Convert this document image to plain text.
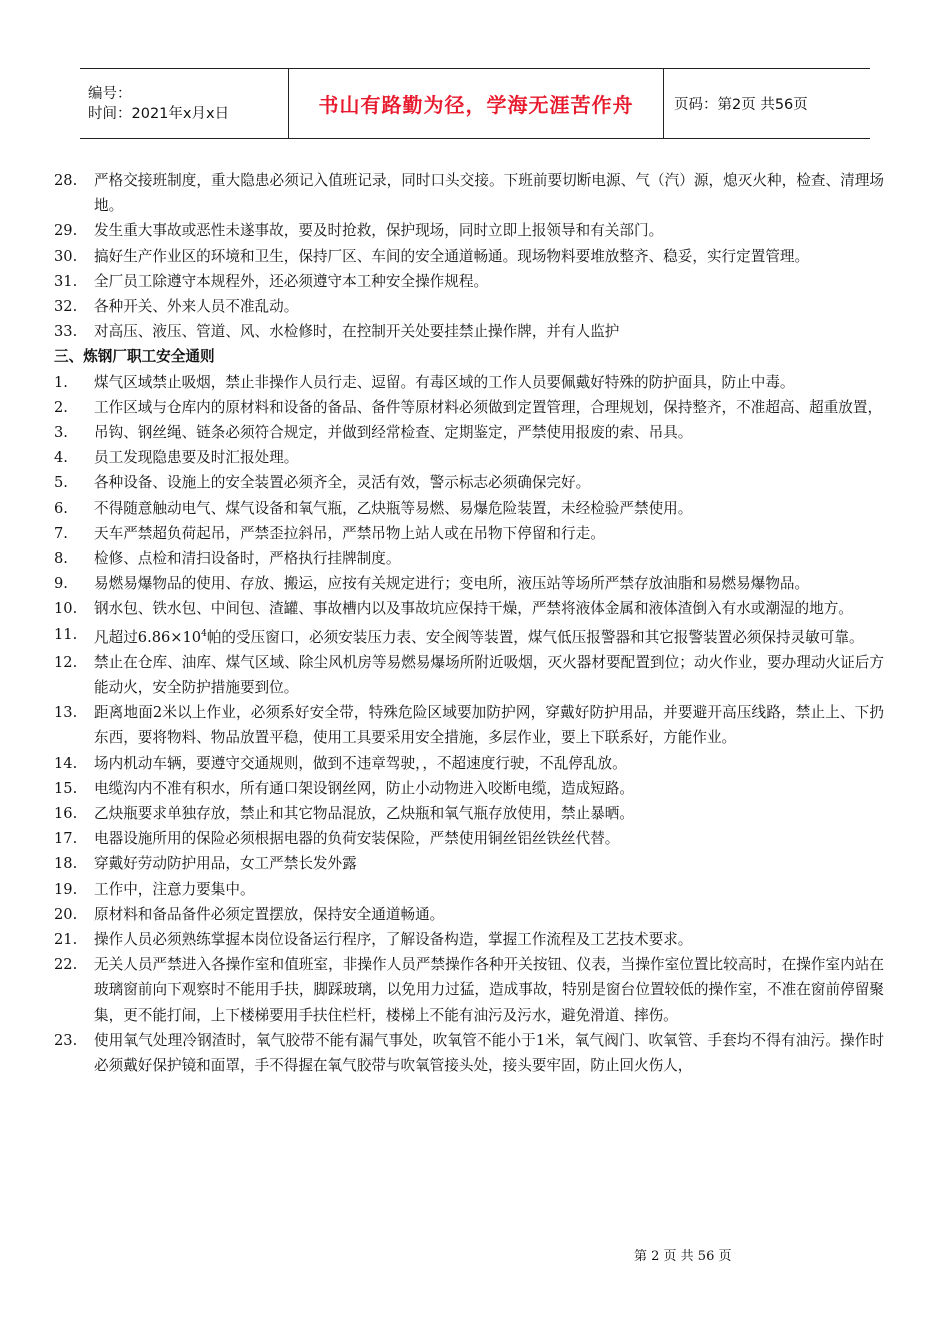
编号：
时间：2021年x月x日	书山有路勤为径，学海无涯苦作舟	页码：第2页 共56页
28.	严格交接班制度，重大隐患必须记入值班记录，同时口头交接。下班前要切断电源、气（汽）源，熄灭火种，检查、清理场地。
29.	发生重大事故或恶性未遂事故，要及时抢救，保护现场，同时立即上报领导和有关部门。
30.	搞好生产作业区的环境和卫生，保持厂区、车间的安全通道畅通。现场物料要堆放整齐、稳妥，实行定置管理。
31.	全厂员工除遵守本规程外，还必须遵守本工种安全操作规程。
32.	各种开关、外来人员不准乱动。
33.	对高压、液压、管道、风、水检修时，在控制开关处要挂禁止操作牌，并有人监护
三、炼钢厂职工安全通则
1.	煤气区域禁止吸烟，禁止非操作人员行走、逗留。有毒区域的工作人员要佩戴好特殊的防护面具，防止中毒。
2.	工作区域与仓库内的原材料和设备的备品、备件等原材料必须做到定置管理，合理规划，保持整齐，不准超高、超重放置，
3.	吊钩、钢丝绳、链条必须符合规定，并做到经常检查、定期鉴定，严禁使用报废的索、吊具。
4.	员工发现隐患要及时汇报处理。
5.	各种设备、设施上的安全装置必须齐全，灵活有效，警示标志必须确保完好。
6.	不得随意触动电气、煤气设备和氧气瓶，乙炔瓶等易燃、易爆危险装置，未经检验严禁使用。
7.	天车严禁超负荷起吊，严禁歪拉斜吊，严禁吊物上站人或在吊物下停留和行走。
8.	检修、点检和清扫设备时，严格执行挂牌制度。
9.	易燃易爆物品的使用、存放、搬运，应按有关规定进行；变电所，液压站等场所严禁存放油脂和易燃易爆物品。
10.	钢水包、铁水包、中间包、渣罐、事故槽内以及事故坑应保持干燥，严禁将液体金属和液体渣倒入有水或潮湿的地方。
11.	凡超过$6.86\times 10^4$帕的受压窗口，必须安装压力表、安全阀等装置，煤气低压报警器和其它报警装置必须保持灵敏可靠。
12.	禁止在仓库、油库、煤气区域、除尘风机房等易燃易爆场所附近吸烟，灭火器材要配置到位；动火作业，要办理动火证后方能动火，安全防护措施要到位。
13.	距离地面2米以上作业，必须系好安全带，特殊危险区域要加防护网，穿戴好防护用品，并要避开高压线路，禁止上、下扔东西，要将物料、物品放置平稳，使用工具要采用安全措施，多层作业，要上下联系好，方能作业。
14.	场内机动车辆，要遵守交通规则，做到不违章驾驶，，不超速度行驶，不乱停乱放。
15.	电缆沟内不准有积水，所有通口架设钢丝网，防止小动物进入咬断电缆，造成短路。
16.	乙炔瓶要求单独存放，禁止和其它物品混放，乙炔瓶和氧气瓶存放使用，禁止暴晒。
17.	电器设施所用的保险必须根据电器的负荷安装保险，严禁使用铜丝铝丝铁丝代替。
18.	穿戴好劳动防护用品，女工严禁长发外露
19.	工作中，注意力要集中。
20.	原材料和备品备件必须定置摆放，保持安全通道畅通。
21.	操作人员必须熟练掌握本岗位设备运行程序，了解设备构造，掌握工作流程及工艺技术要求。
22.	无关人员严禁进入各操作室和值班室，非操作人员严禁操作各种开关按钮、仪表，当操作室位置比较高时，在操作室内站在玻璃窗前向下观察时不能用手扶，脚踩玻璃，以免用力过猛，造成事故，特别是窗台位置较低的操作室，不准在窗前停留聚集，更不能打闹，上下楼梯要用手扶住栏杆，楼梯上不能有油污及污水，避免滑道、摔伤。
23.	使用氧气处理冷钢渣时，氧气胶带不能有漏气事处，吹氧管不能小于1米，氧气阀门、吹氧管、手套均不得有油污。操作时必须戴好保护镜和面罩，手不得握在氧气胶带与吹氧管接头处，接头要牢固，防止回火伤人，
第 2 页 共 56 页
